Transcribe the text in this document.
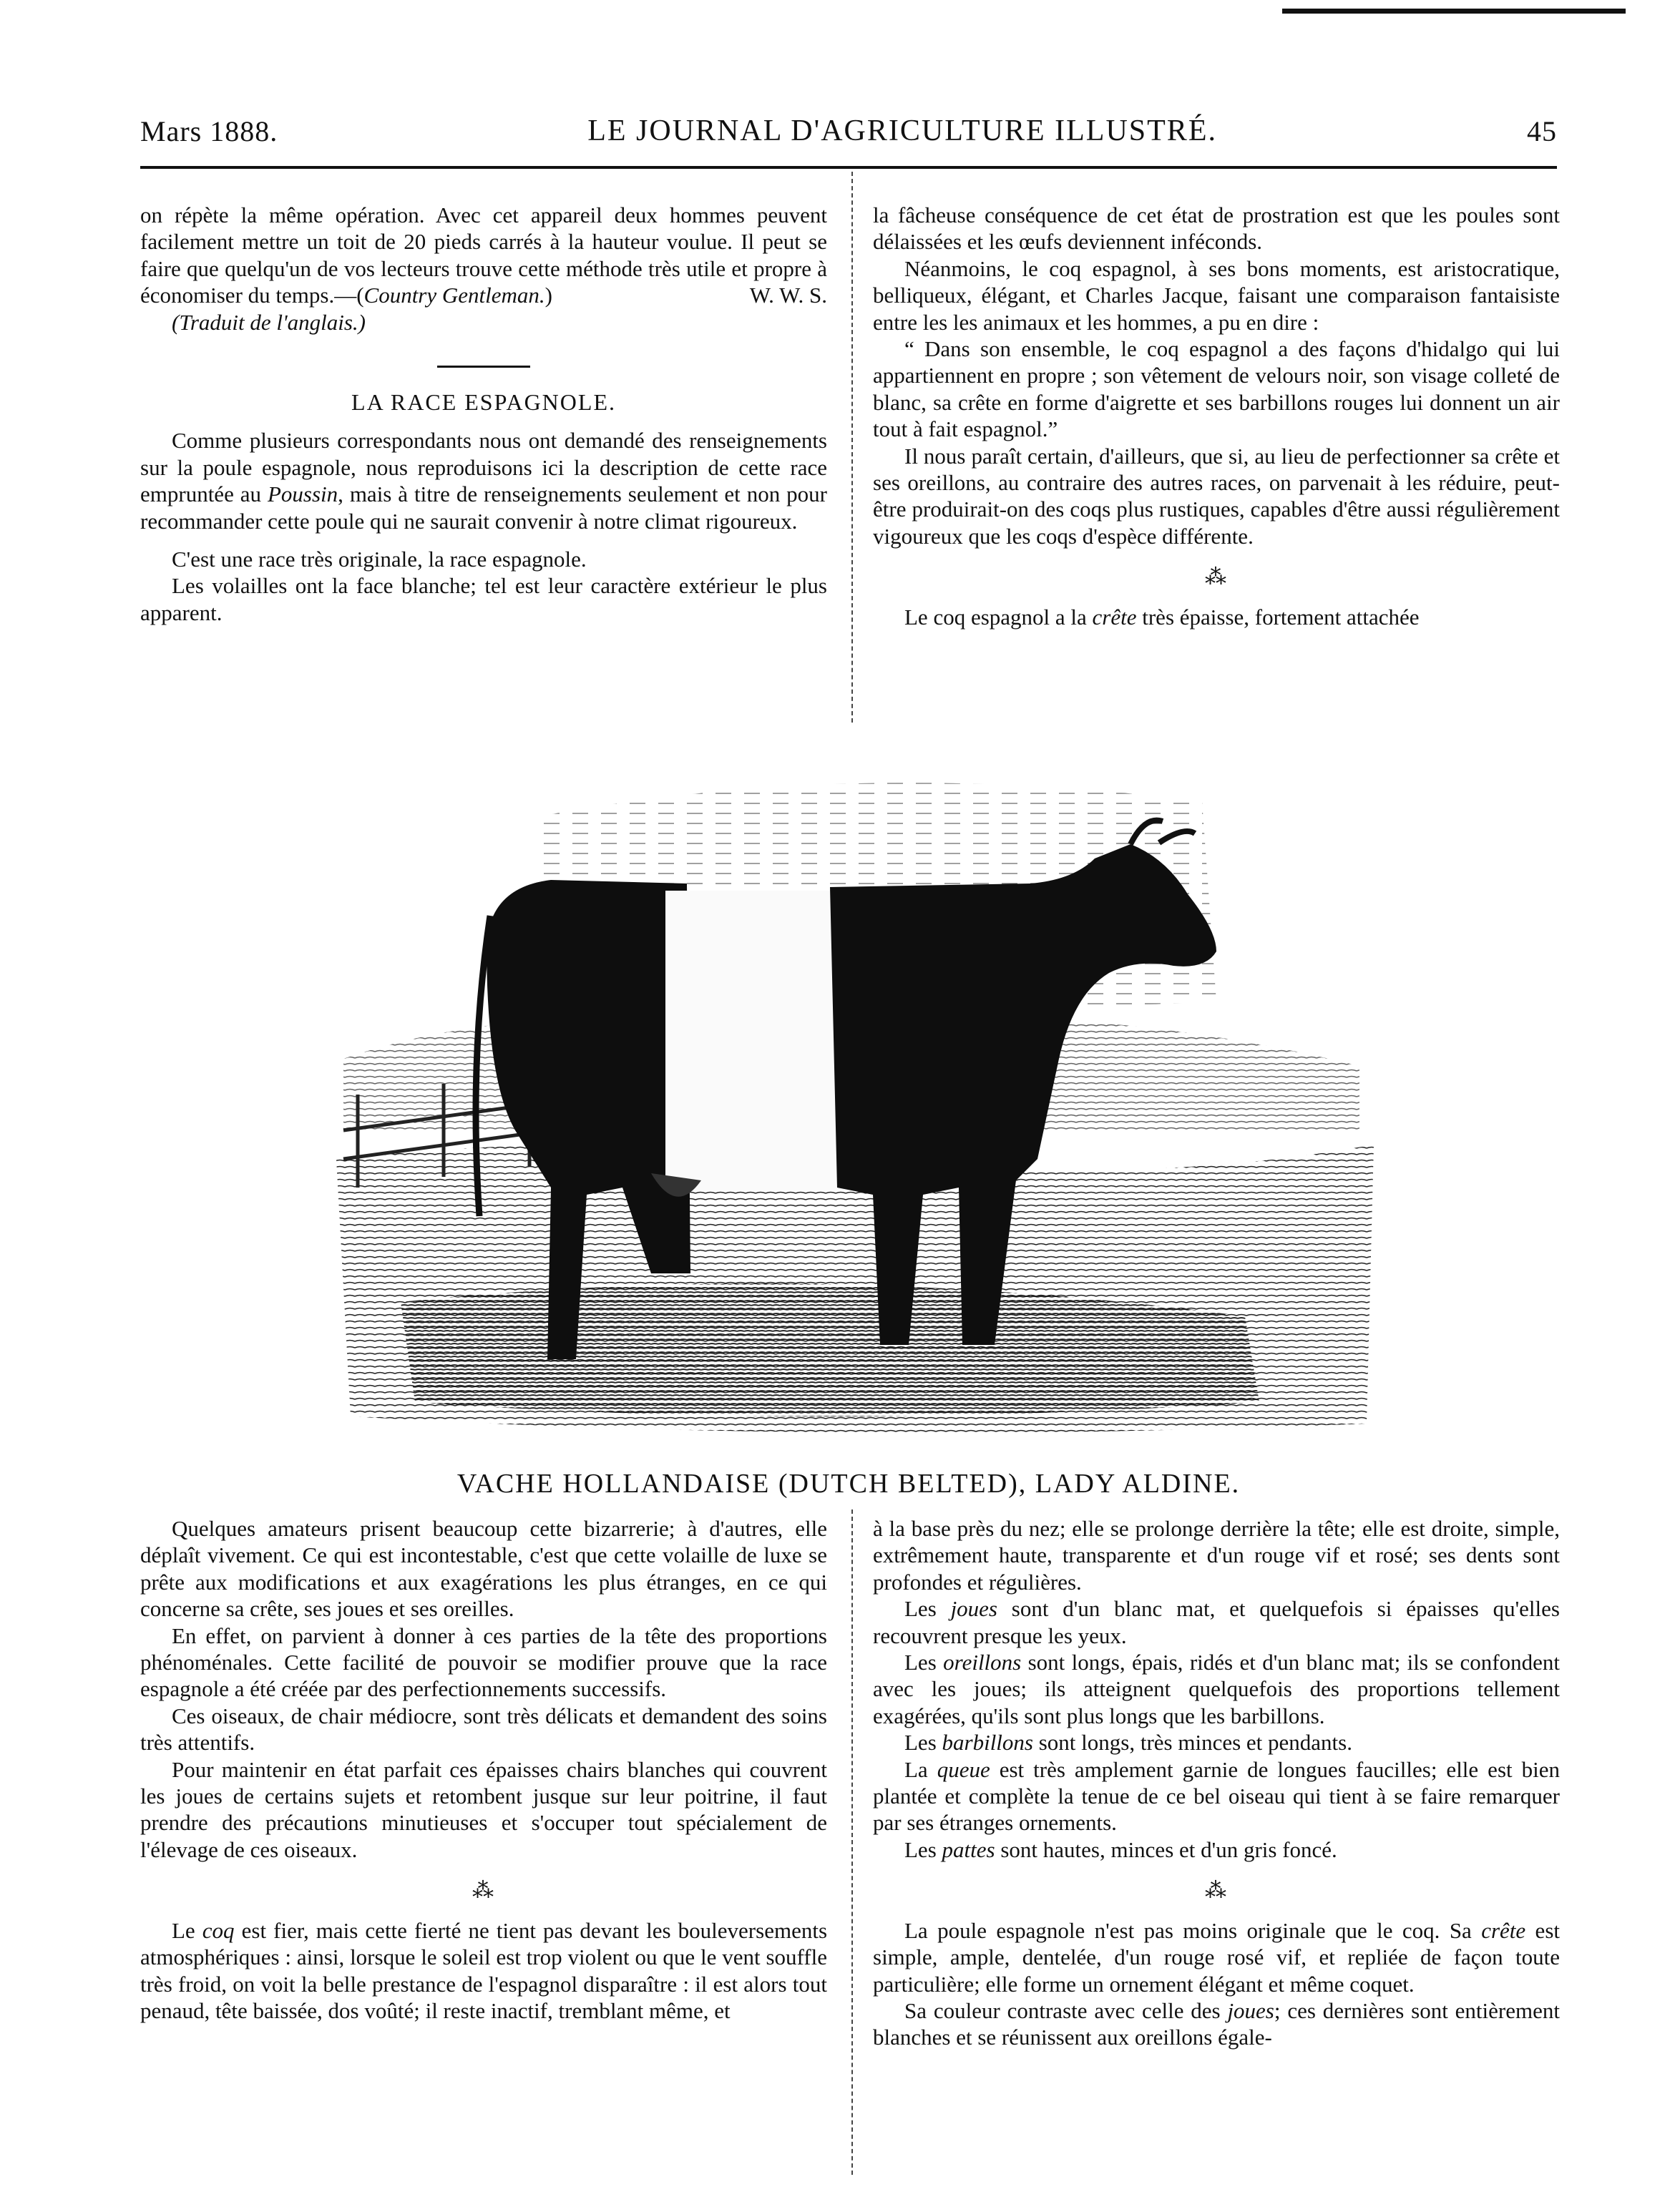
Mars 1888.	LE JOURNAL D'AGRICULTURE ILLUSTRÉ.	45

on répète la même opération. Avec cet appareil deux hommes peuvent facilement mettre un toit de 20 pieds carrés à la hauteur voulue. Il peut se faire que quelqu'un de vos lecteurs trouve cette méthode très utile et propre à économiser du temps.—(Country Gentleman.)	W. W. S.

(Traduit de l'anglais.)

LA RACE ESPAGNOLE.

Comme plusieurs correspondants nous ont demandé des renseignements sur la poule espagnole, nous reproduisons ici la description de cette race empruntée au Poussin, mais à titre de renseignements seulement et non pour recommander cette poule qui ne saurait convenir à notre climat rigoureux.

C'est une race très originale, la race espagnole.

Les volailles ont la face blanche; tel est leur caractère extérieur le plus apparent.

la fâcheuse conséquence de cet état de prostration est que les poules sont délaissées et les œufs deviennent inféconds.

Néanmoins, le coq espagnol, à ses bons moments, est aristocratique, belliqueux, élégant, et Charles Jacque, faisant une comparaison fantaisiste entre les les animaux et les hommes, a pu en dire :

“ Dans son ensemble, le coq espagnol a des façons d'hidalgo qui lui appartiennent en propre ; son vêtement de velours noir, son visage colleté de blanc, sa crête en forme d'aigrette et ses barbillons rouges lui donnent un air tout à fait espagnol.”

Il nous paraît certain, d'ailleurs, que si, au lieu de perfectionner sa crête et ses oreillons, au contraire des autres races, on parvenait à les réduire, peut-être produirait-on des coqs plus rustiques, capables d'être aussi régulièrement vigoureux que les coqs d'espèce différente.

⁂

Le coq espagnol a la crête très épaisse, fortement attachée

VACHE HOLLANDAISE (DUTCH BELTED), LADY ALDINE.

Quelques amateurs prisent beaucoup cette bizarrerie; à d'autres, elle déplaît vivement. Ce qui est incontestable, c'est que cette volaille de luxe se prête aux modifications et aux exagérations les plus étranges, en ce qui concerne sa crête, ses joues et ses oreilles.

En effet, on parvient à donner à ces parties de la tête des proportions phénoménales. Cette facilité de pouvoir se modifier prouve que la race espagnole a été créée par des perfectionnements successifs.

Ces oiseaux, de chair médiocre, sont très délicats et demandent des soins très attentifs.

Pour maintenir en état parfait ces épaisses chairs blanches qui couvrent les joues de certains sujets et retombent jusque sur leur poitrine, il faut prendre des précautions minutieuses et s'occuper tout spécialement de l'élevage de ces oiseaux.

⁂

Le coq est fier, mais cette fierté ne tient pas devant les bouleversements atmosphériques : ainsi, lorsque le soleil est trop violent ou que le vent souffle très froid, on voit la belle prestance de l'espagnol disparaître : il est alors tout penaud, tête baissée, dos voûté; il reste inactif, tremblant même, et

à la base près du nez; elle se prolonge derrière la tête; elle est droite, simple, extrêmement haute, transparente et d'un rouge vif et rosé; ses dents sont profondes et régulières.

Les joues sont d'un blanc mat, et quelquefois si épaisses qu'elles recouvrent presque les yeux.

Les oreillons sont longs, épais, ridés et d'un blanc mat; ils se confondent avec les joues; ils atteignent quelquefois des proportions tellement exagérées, qu'ils sont plus longs que les barbillons.

Les barbillons sont longs, très minces et pendants.

La queue est très amplement garnie de longues faucilles; elle est bien plantée et complète la tenue de ce bel oiseau qui tient à se faire remarquer par ses étranges ornements.

Les pattes sont hautes, minces et d'un gris foncé.

⁂

La poule espagnole n'est pas moins originale que le coq. Sa crête est simple, ample, dentelée, d'un rouge rosé vif, et repliée de façon toute particulière; elle forme un ornement élégant et même coquet.

Sa couleur contraste avec celle des joues; ces dernières sont entièrement blanches et se réunissent aux oreillons égale-
